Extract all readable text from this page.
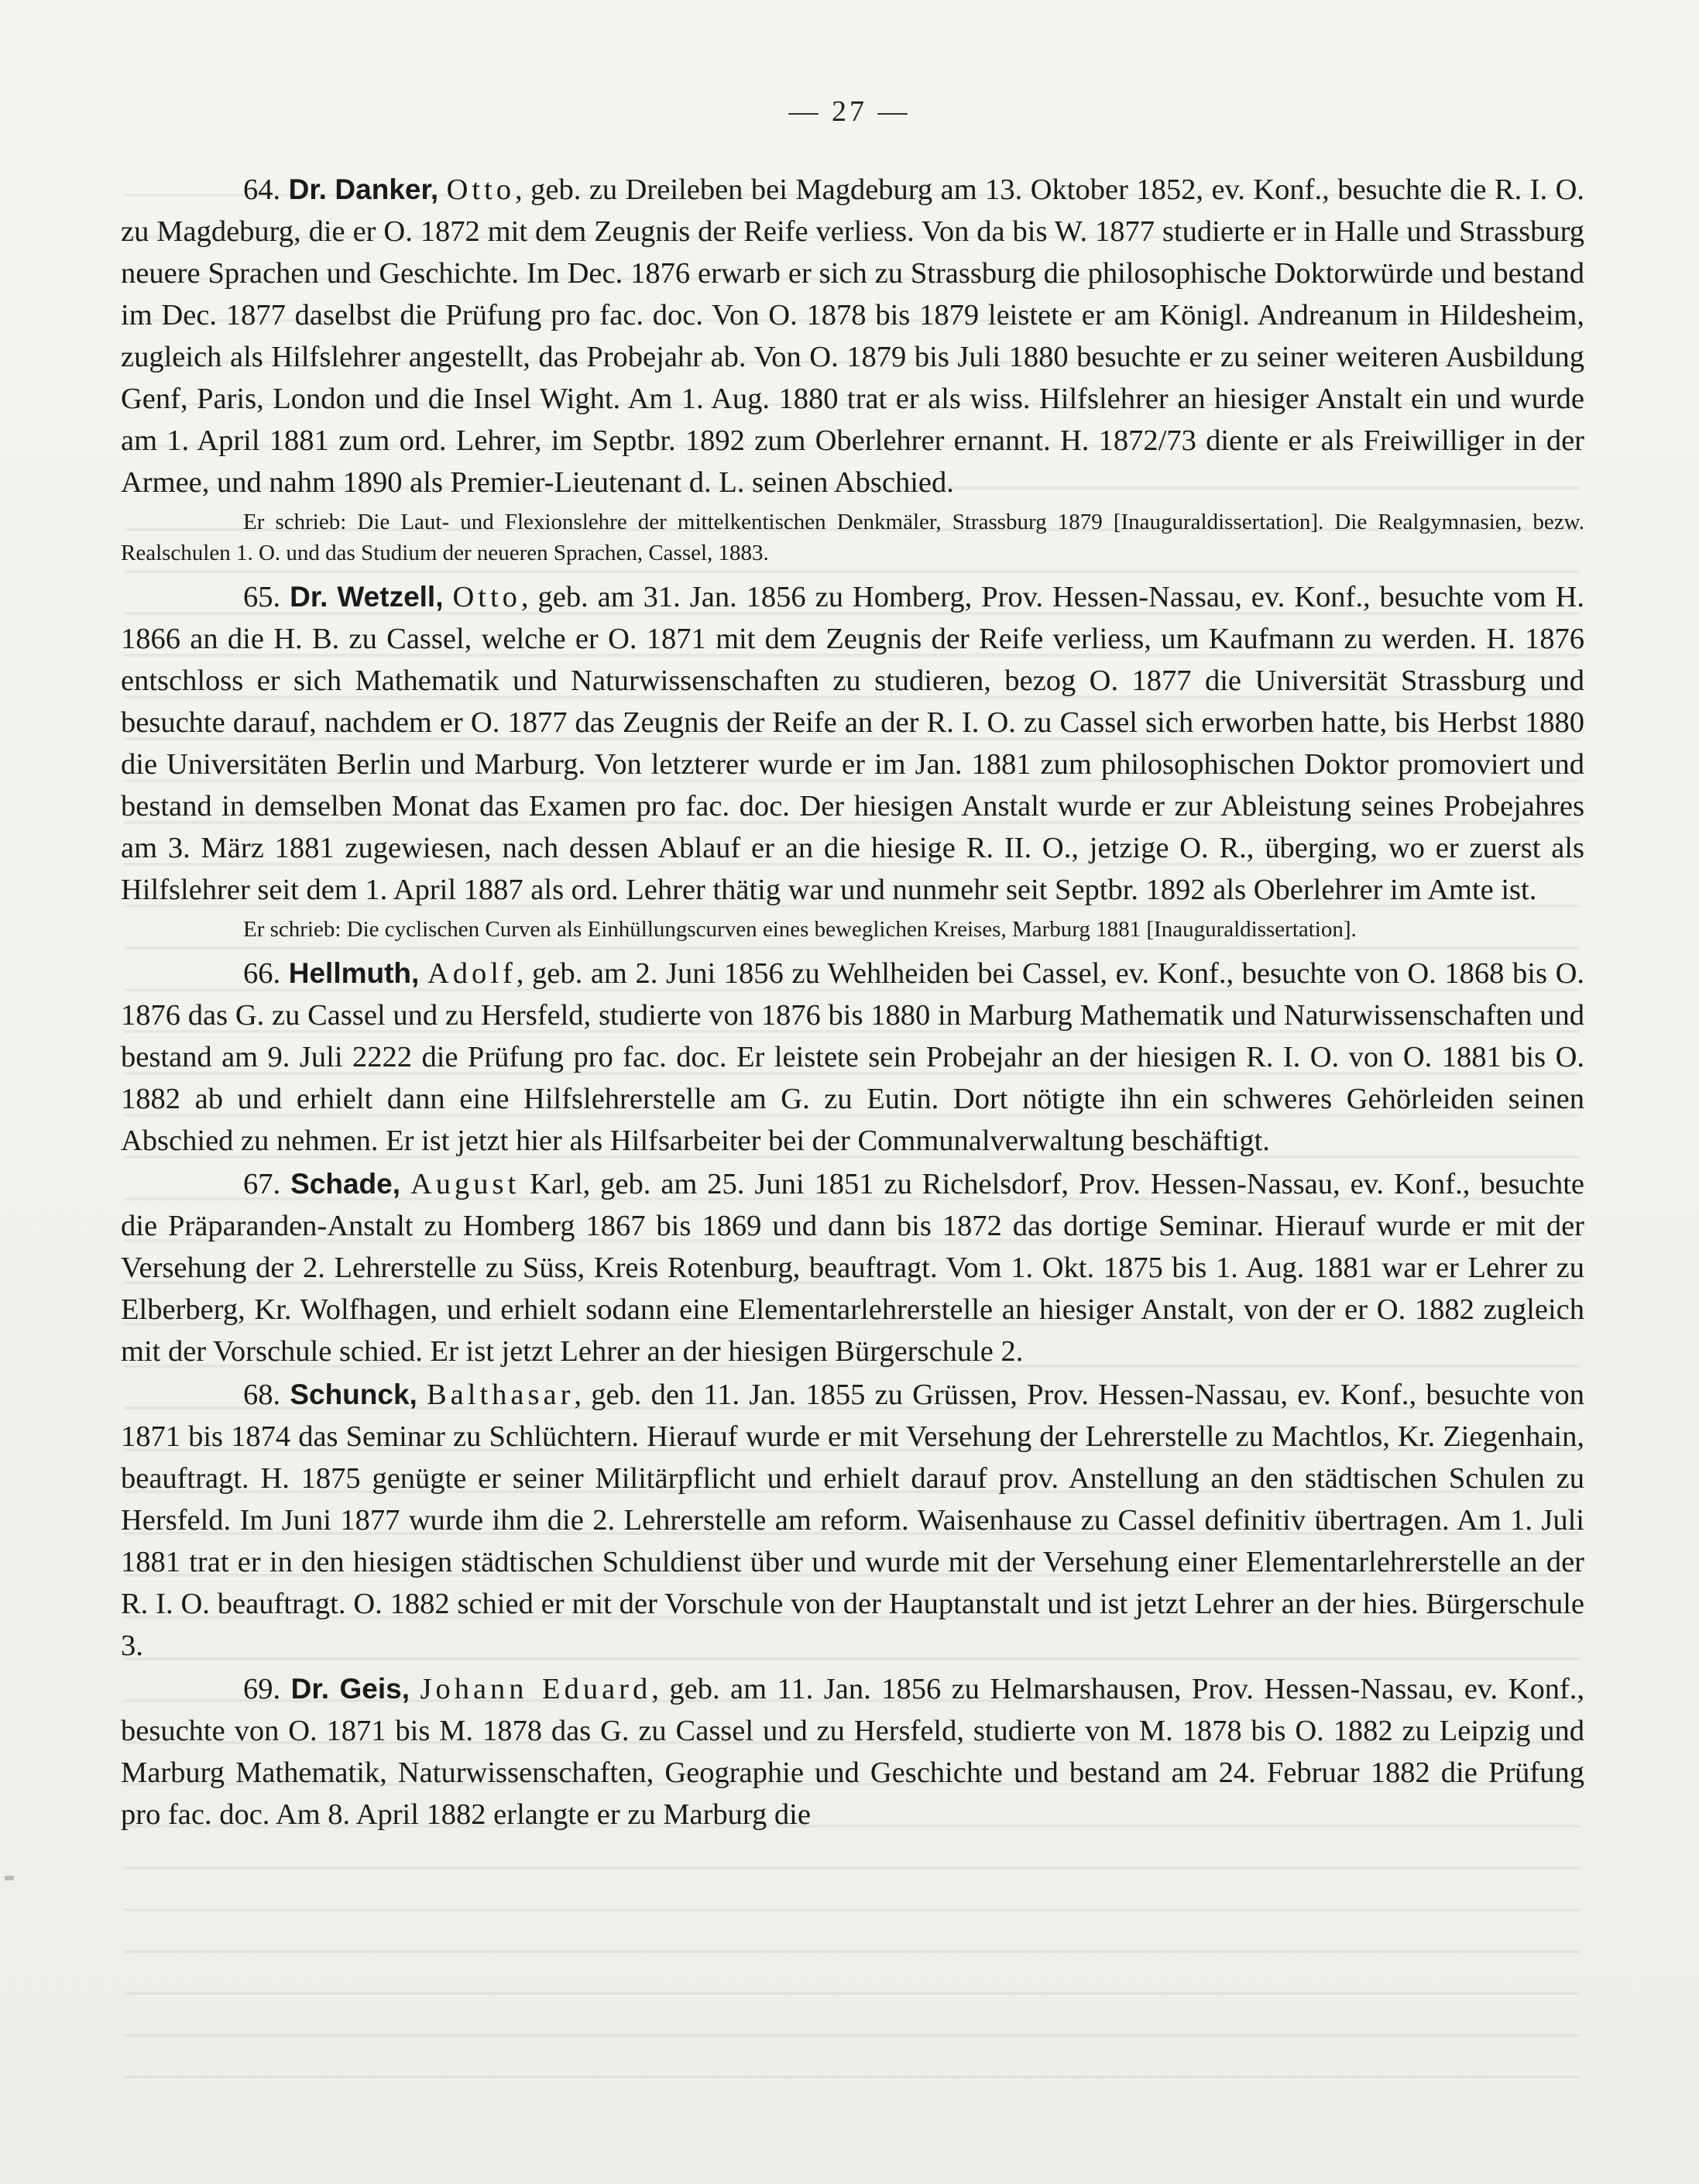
— 27 —

64. Dr. Danker, Otto, geb. zu Dreileben bei Magdeburg am 13. Oktober 1852, ev. Konf., besuchte die R. I. O. zu Magdeburg, die er O. 1872 mit dem Zeugnis der Reife verliess. Von da bis W. 1877 studierte er in Halle und Strassburg neuere Sprachen und Geschichte. Im Dec. 1876 erwarb er sich zu Strassburg die philosophische Doktorwürde und bestand im Dec. 1877 daselbst die Prüfung pro fac. doc. Von O. 1878 bis 1879 leistete er am Königl. Andreanum in Hildesheim, zugleich als Hilfslehrer angestellt, das Probejahr ab. Von O. 1879 bis Juli 1880 besuchte er zu seiner weiteren Ausbildung Genf, Paris, London und die Insel Wight. Am 1. Aug. 1880 trat er als wiss. Hilfslehrer an hiesiger Anstalt ein und wurde am 1. April 1881 zum ord. Lehrer, im Septbr. 1892 zum Oberlehrer ernannt. H. 1872/73 diente er als Freiwilliger in der Armee, und nahm 1890 als Premier-Lieutenant d. L. seinen Abschied.

Er schrieb: Die Laut- und Flexionslehre der mittelkentischen Denkmäler, Strassburg 1879 [Inauguraldissertation]. Die Realgymnasien, bezw. Realschulen 1. O. und das Studium der neueren Sprachen, Cassel, 1883.

65. Dr. Wetzell, Otto, geb. am 31. Jan. 1856 zu Homberg, Prov. Hessen-Nassau, ev. Konf., besuchte vom H. 1866 an die H. B. zu Cassel, welche er O. 1871 mit dem Zeugnis der Reife verliess, um Kaufmann zu werden. H. 1876 entschloss er sich Mathematik und Naturwissenschaften zu studieren, bezog O. 1877 die Universität Strassburg und besuchte darauf, nachdem er O. 1877 das Zeugnis der Reife an der R. I. O. zu Cassel sich erworben hatte, bis Herbst 1880 die Universitäten Berlin und Marburg. Von letzterer wurde er im Jan. 1881 zum philosophischen Doktor promoviert und bestand in demselben Monat das Examen pro fac. doc. Der hiesigen Anstalt wurde er zur Ableistung seines Probejahres am 3. März 1881 zugewiesen, nach dessen Ablauf er an die hiesige R. II. O., jetzige O. R., überging, wo er zuerst als Hilfslehrer seit dem 1. April 1887 als ord. Lehrer thätig war und nunmehr seit Septbr. 1892 als Oberlehrer im Amte ist.

Er schrieb: Die cyclischen Curven als Einhüllungscurven eines beweglichen Kreises, Marburg 1881 [Inauguraldissertation].

66. Hellmuth, Adolf, geb. am 2. Juni 1856 zu Wehlheiden bei Cassel, ev. Konf., besuchte von O. 1868 bis O. 1876 das G. zu Cassel und zu Hersfeld, studierte von 1876 bis 1880 in Marburg Mathematik und Naturwissenschaften und bestand am 9. Juli 2222 die Prüfung pro fac. doc. Er leistete sein Probejahr an der hiesigen R. I. O. von O. 1881 bis O. 1882 ab und erhielt dann eine Hilfslehrerstelle am G. zu Eutin. Dort nötigte ihn ein schweres Gehörleiden seinen Abschied zu nehmen. Er ist jetzt hier als Hilfsarbeiter bei der Communalverwaltung beschäftigt.

67. Schade, August Karl, geb. am 25. Juni 1851 zu Richelsdorf, Prov. Hessen-Nassau, ev. Konf., besuchte die Präparanden-Anstalt zu Homberg 1867 bis 1869 und dann bis 1872 das dortige Seminar. Hierauf wurde er mit der Versehung der 2. Lehrerstelle zu Süss, Kreis Rotenburg, beauftragt. Vom 1. Okt. 1875 bis 1. Aug. 1881 war er Lehrer zu Elberberg, Kr. Wolfhagen, und erhielt sodann eine Elementarlehrerstelle an hiesiger Anstalt, von der er O. 1882 zugleich mit der Vorschule schied. Er ist jetzt Lehrer an der hiesigen Bürgerschule 2.

68. Schunck, Balthasar, geb. den 11. Jan. 1855 zu Grüssen, Prov. Hessen-Nassau, ev. Konf., besuchte von 1871 bis 1874 das Seminar zu Schlüchtern. Hierauf wurde er mit Versehung der Lehrerstelle zu Machtlos, Kr. Ziegenhain, beauftragt. H. 1875 genügte er seiner Militärpflicht und erhielt darauf prov. Anstellung an den städtischen Schulen zu Hersfeld. Im Juni 1877 wurde ihm die 2. Lehrerstelle am reform. Waisenhause zu Cassel definitiv übertragen. Am 1. Juli 1881 trat er in den hiesigen städtischen Schuldienst über und wurde mit der Versehung einer Elementarlehrerstelle an der R. I. O. beauftragt. O. 1882 schied er mit der Vorschule von der Hauptanstalt und ist jetzt Lehrer an der hies. Bürgerschule 3.

69. Dr. Geis, Johann Eduard, geb. am 11. Jan. 1856 zu Helmarshausen, Prov. Hessen-Nassau, ev. Konf., besuchte von O. 1871 bis M. 1878 das G. zu Cassel und zu Hersfeld, studierte von M. 1878 bis O. 1882 zu Leipzig und Marburg Mathematik, Naturwissenschaften, Geographie und Geschichte und bestand am 24. Februar 1882 die Prüfung pro fac. doc. Am 8. April 1882 erlangte er zu Marburg die
